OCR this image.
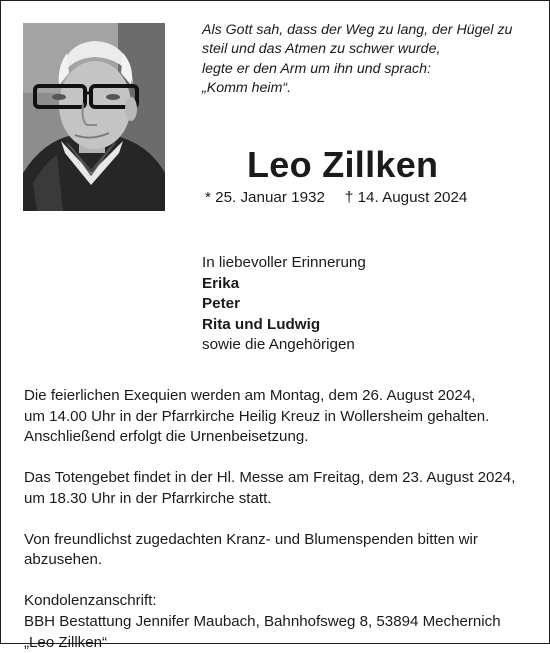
Als Gott sah, dass der Weg zu lang, der Hügel zu
steil und das Atmen zu schwer wurde,
legte er den Arm um ihn und sprach:
„Komm heim“.
Leo Zillken
* 25. Januar 1932 † 14. August 2024
In liebevoller Erinnerung
Erika
Peter
Rita und Ludwig
sowie die Angehörigen
Die feierlichen Exequien werden am Montag, dem 26. August 2024,
um 14.00 Uhr in der Pfarrkirche Heilig Kreuz in Wollersheim gehalten.
Anschließend erfolgt die Urnenbeisetzung.
Das Totengebet findet in der Hl. Messe am Freitag, dem 23. August 2024,
um 18.30 Uhr in der Pfarrkirche statt.
Von freundlichst zugedachten Kranz- und Blumenspenden bitten wir
abzusehen.
Kondolenzanschrift:
BBH Bestattung Jennifer Maubach, Bahnhofsweg 8, 53894 Mechernich
„Leo Zillken“
